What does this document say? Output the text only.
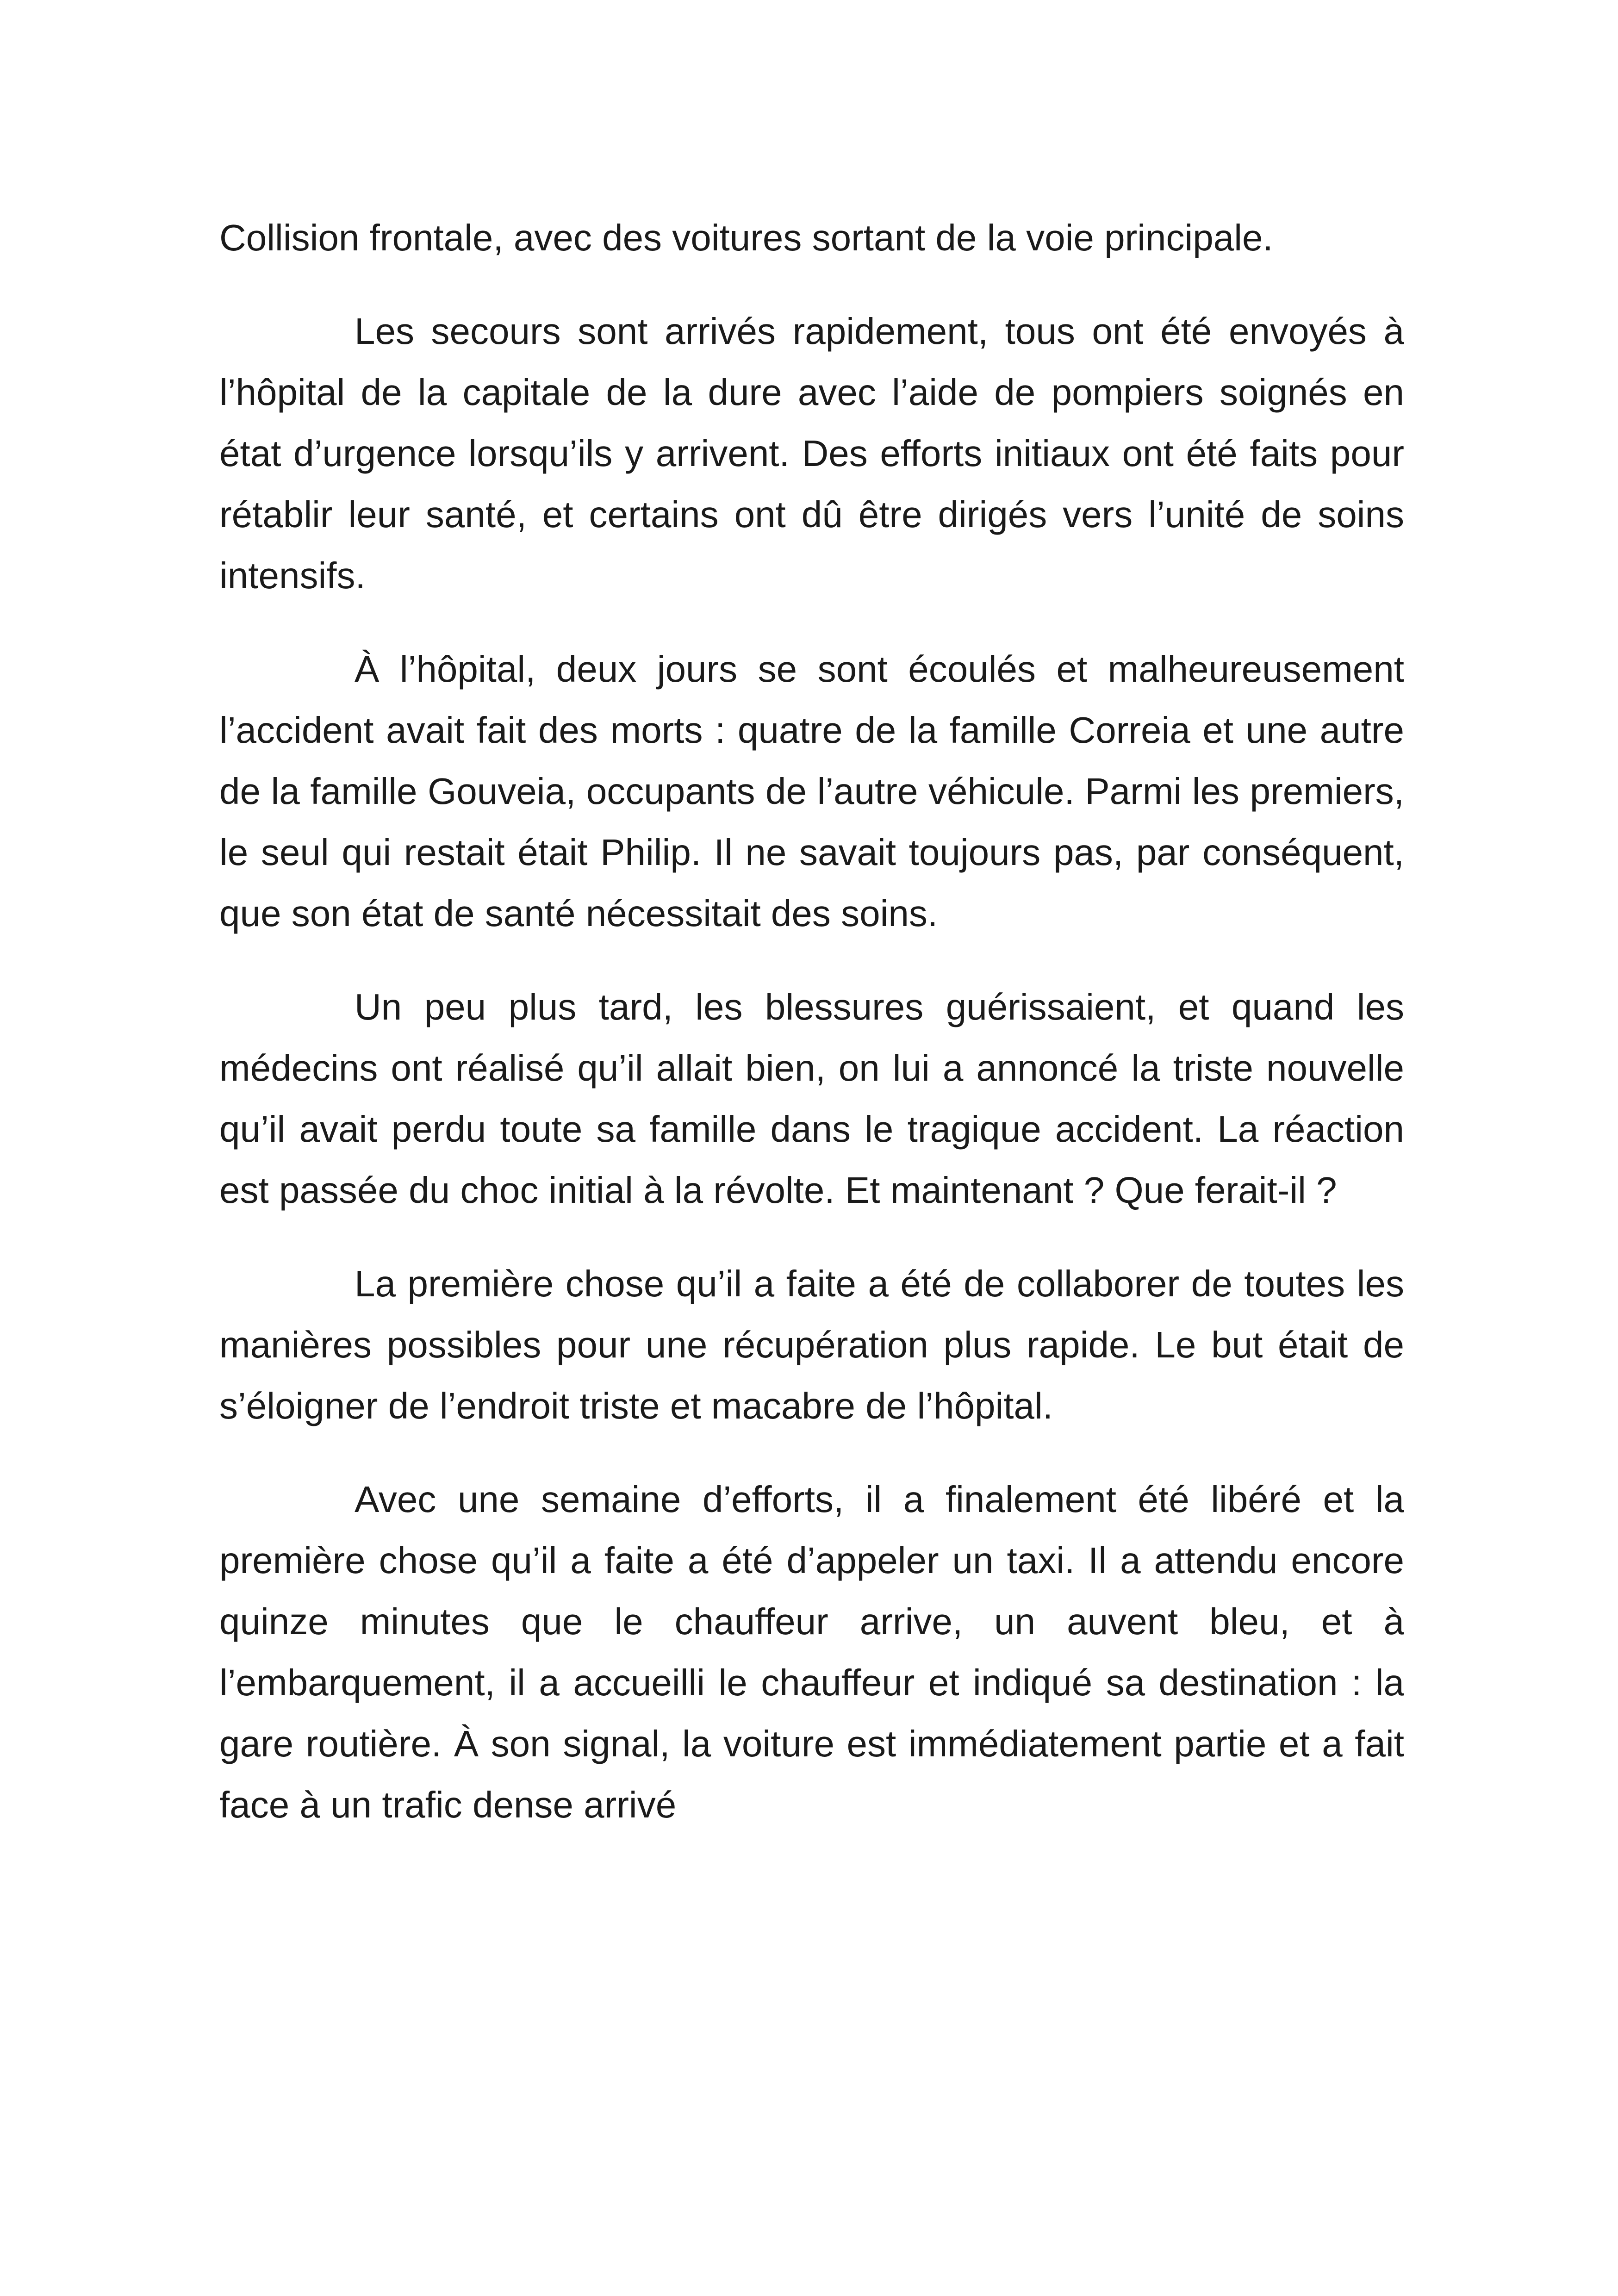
Collision frontale, avec des voitures sortant de la voie principale.

Les secours sont arrivés rapidement, tous ont été envoyés à l’hôpital de la capitale de la dure avec l’aide de pompiers soignés en état d’urgence lorsqu’ils y arrivent. Des efforts initiaux ont été faits pour rétablir leur santé, et certains ont dû être dirigés vers l’unité de soins intensifs.

À l’hôpital, deux jours se sont écoulés et malheureusement l’accident avait fait des morts : quatre de la famille Correia et une autre de la famille Gouveia, occupants de l’autre véhicule. Parmi les premiers, le seul qui restait était Philip. Il ne savait toujours pas, par conséquent, que son état de santé nécessitait des soins.

Un peu plus tard, les blessures guérissaient, et quand les médecins ont réalisé qu’il allait bien, on lui a annoncé la triste nouvelle qu’il avait perdu toute sa famille dans le tragique accident. La réaction est passée du choc initial à la révolte. Et maintenant ? Que ferait-il ?

La première chose qu’il a faite a été de collaborer de toutes les manières possibles pour une récupération plus rapide. Le but était de s’éloigner de l’endroit triste et macabre de l’hôpital.

Avec une semaine d’efforts, il a finalement été libéré et la première chose qu’il a faite a été d’appeler un taxi. Il a attendu encore quinze minutes que le chauffeur arrive, un auvent bleu, et à l’embarquement, il a accueilli le chauffeur et indiqué sa destination : la gare routière. À son signal, la voiture est immédiatement partie et a fait face à un trafic dense arrivé
